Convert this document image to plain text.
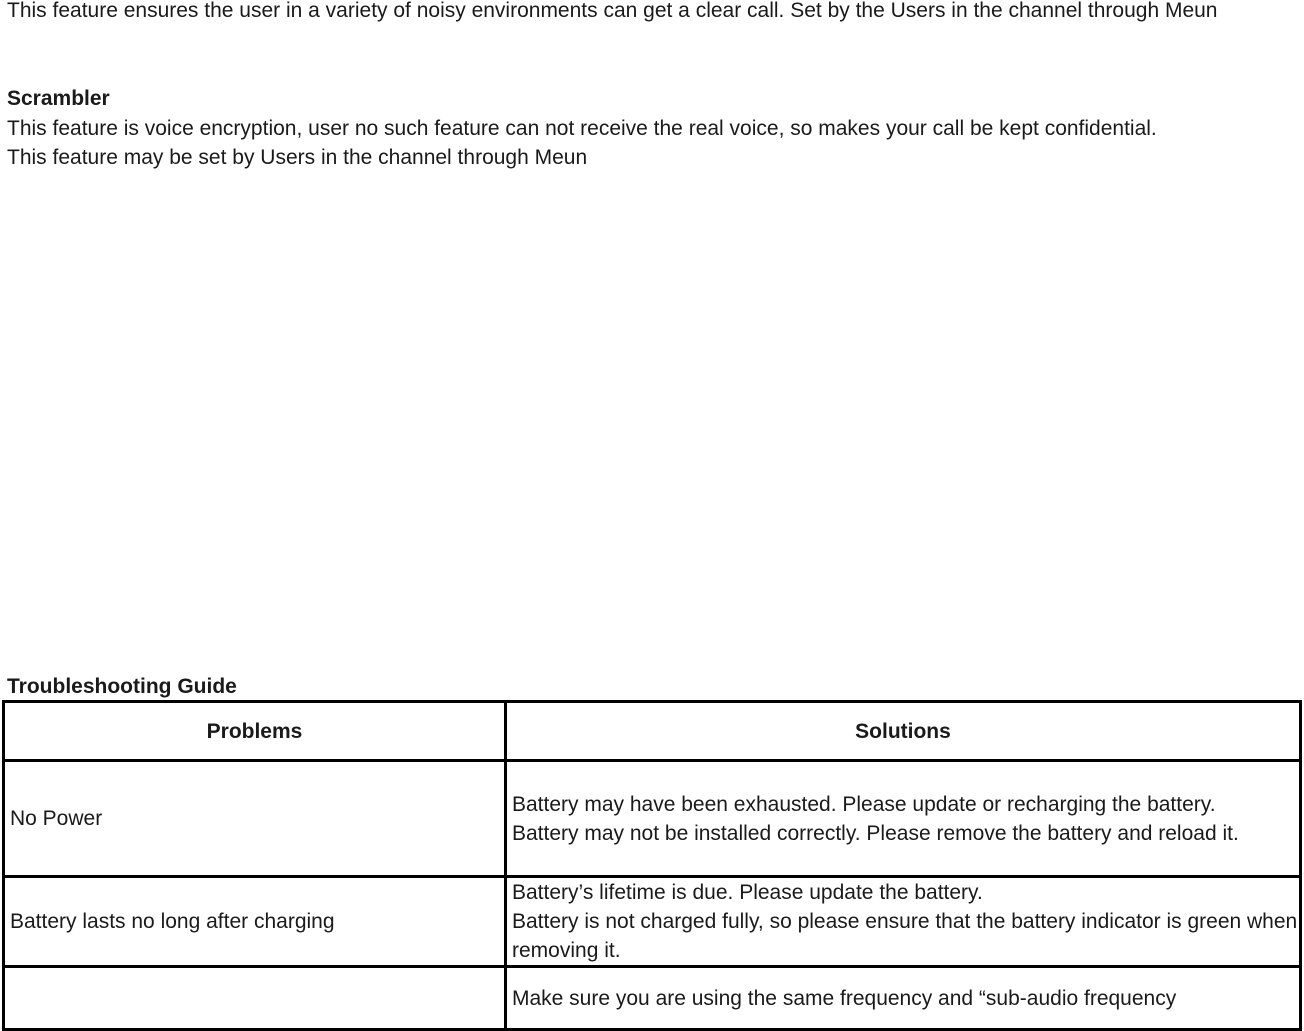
This feature ensures the user in a variety of noisy environments can get a clear call. Set by the Users in the channel through Meun

Scrambler

This feature is voice encryption, user no such feature can not receive the real voice, so makes your call be kept confidential.
This feature may be set by Users in the channel through Meun

Troubleshooting Guide

Problems	Solutions
No Power	Battery may have been exhausted. Please update or recharging the battery.
Battery may not be installed correctly. Please remove the battery and reload it.

Battery lasts no long after charging	Battery’s lifetime is due. Please update the battery.
Battery is not charged fully, so please ensure that the battery indicator is green when removing it.

	Make sure you are using the same frequency and “sub-audio frequency
